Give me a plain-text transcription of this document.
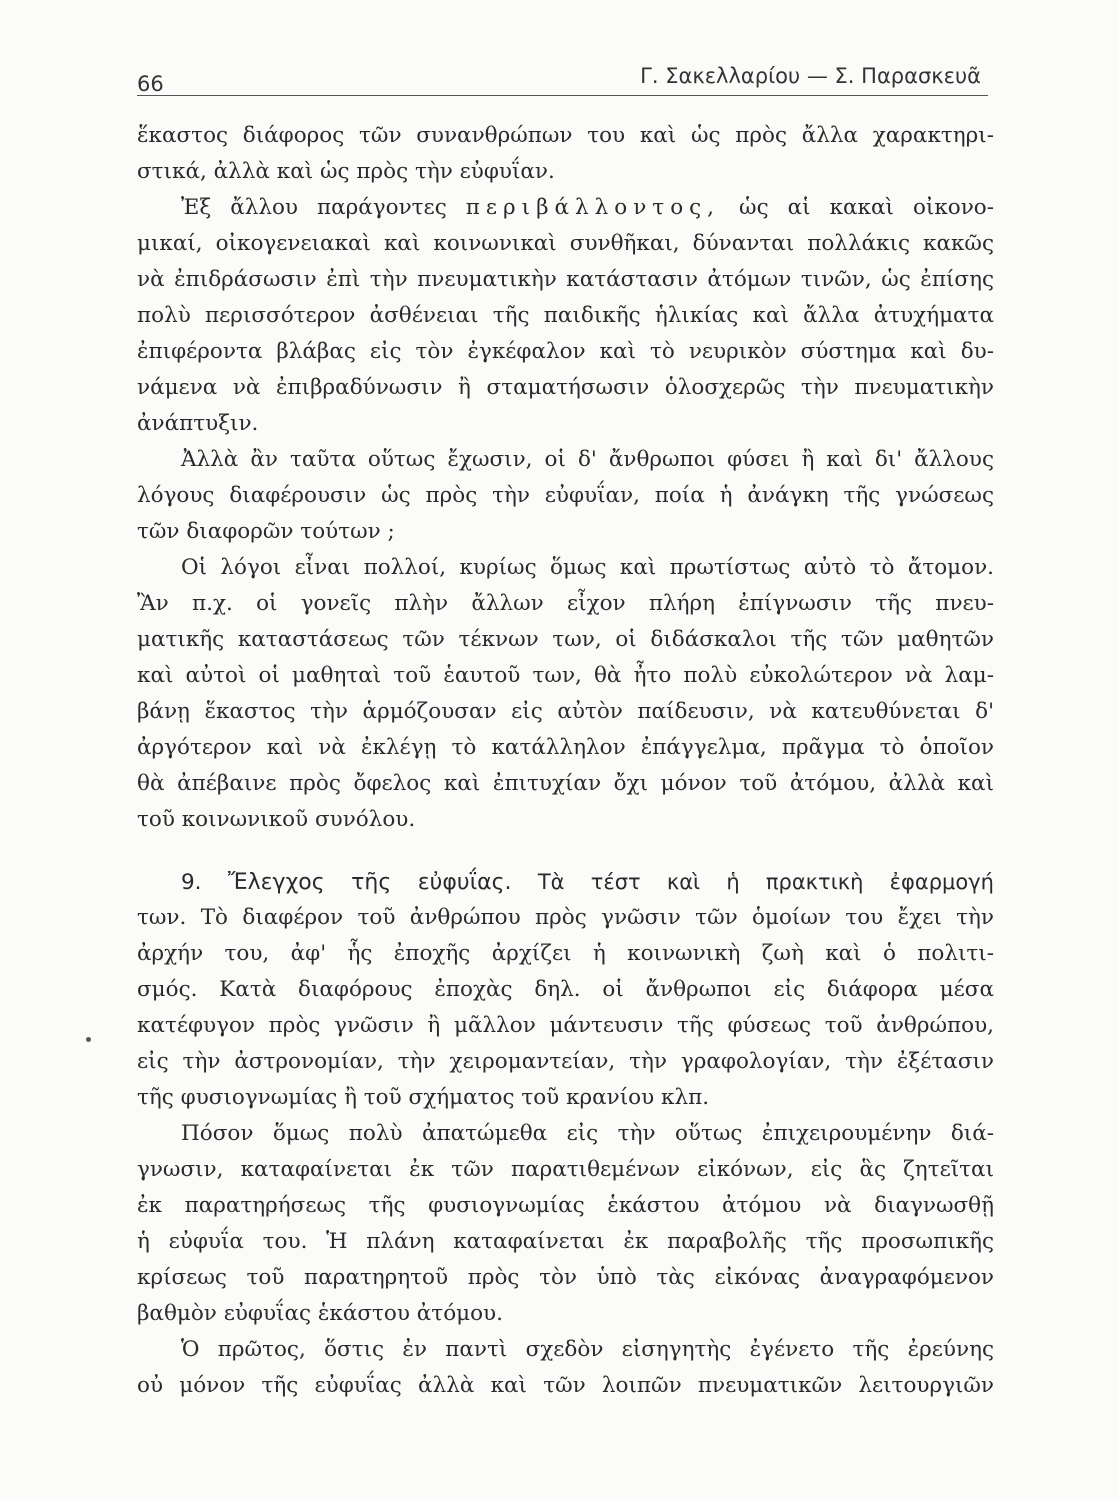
66	Γ. Σακελλαρίου — Σ. Παρασκευᾶ
ἕκαστος διάφορος τῶν συνανθρώπων του καὶ ὡς πρὸς ἄλλα χαρακτηρι-
στικά, ἀλλὰ καὶ ὡς πρὸς τὴν εὐφυΐαν.
Ἐξ ἄλλου παράγοντες περιβάλλοντος, ὡς αἱ κακαὶ οἰκονο-
μικαί, οἰκογενειακαὶ καὶ κοινωνικαὶ συνθῆκαι, δύνανται πολλάκις κακῶς
νὰ ἐπιδράσωσιν ἐπὶ τὴν πνευματικὴν κατάστασιν ἀτόμων τινῶν, ὡς ἐπίσης
πολὺ περισσότερον ἀσθένειαι τῆς παιδικῆς ἡλικίας καὶ ἄλλα ἀτυχήματα
ἐπιφέροντα βλάβας εἰς τὸν ἐγκέφαλον καὶ τὸ νευρικὸν σύστημα καὶ δυ-
νάμενα νὰ ἐπιβραδύνωσιν ἢ σταματήσωσιν ὁλοσχερῶς τὴν πνευματικὴν
ἀνάπτυξιν.
Ἀλλὰ ἂν ταῦτα οὕτως ἔχωσιν, οἱ δ' ἄνθρωποι φύσει ἢ καὶ δι' ἄλλους
λόγους διαφέρουσιν ὡς πρὸς τὴν εὐφυΐαν, ποία ἡ ἀνάγκη τῆς γνώσεως
τῶν διαφορῶν τούτων ;
Οἱ λόγοι εἶναι πολλοί, κυρίως ὅμως καὶ πρωτίστως αὐτὸ τὸ ἄτομον.
Ἂν π.χ. οἱ γονεῖς πλὴν ἄλλων εἶχον πλήρη ἐπίγνωσιν τῆς πνευ-
ματικῆς καταστάσεως τῶν τέκνων των, οἱ διδάσκαλοι τῆς τῶν μαθητῶν
καὶ αὐτοὶ οἱ μαθηταὶ τοῦ ἑαυτοῦ των, θὰ ἦτο πολὺ εὐκολώτερον νὰ λαμ-
βάνῃ ἕκαστος τὴν ἁρμόζουσαν εἰς αὐτὸν παίδευσιν, νὰ κατευθύνεται δ'
ἀργότερον καὶ νὰ ἐκλέγῃ τὸ κατάλληλον ἐπάγγελμα, πρᾶγμα τὸ ὁποῖον
θὰ ἀπέβαινε πρὸς ὄφελος καὶ ἐπιτυχίαν ὄχι μόνον τοῦ ἀτόμου, ἀλλὰ καὶ
τοῦ κοινωνικοῦ συνόλου.
9. Ἔλεγχος τῆς εὐφυΐας. Τὰ τέστ καὶ ἡ πρακτικὴ ἐφαρμογή
των. Τὸ διαφέρον τοῦ ἀνθρώπου πρὸς γνῶσιν τῶν ὁμοίων του ἔχει τὴν
ἀρχήν του, ἀφ' ἧς ἐποχῆς ἀρχίζει ἡ κοινωνικὴ ζωὴ καὶ ὁ πολιτι-
σμός. Κατὰ διαφόρους ἐποχὰς δηλ. οἱ ἄνθρωποι εἰς διάφορα μέσα
κατέφυγον πρὸς γνῶσιν ἢ μᾶλλον μάντευσιν τῆς φύσεως τοῦ ἀνθρώπου,
εἰς τὴν ἀστρονομίαν, τὴν χειρομαντείαν, τὴν γραφολογίαν, τὴν ἐξέτασιν
τῆς φυσιογνωμίας ἢ τοῦ σχήματος τοῦ κρανίου κλπ.
Πόσον ὅμως πολὺ ἀπατώμεθα εἰς τὴν οὕτως ἐπιχειρουμένην διά-
γνωσιν, καταφαίνεται ἐκ τῶν παρατιθεμένων εἰκόνων, εἰς ἃς ζητεῖται
ἐκ παρατηρήσεως τῆς φυσιογνωμίας ἑκάστου ἀτόμου νὰ διαγνωσθῇ
ἡ εὐφυΐα του. Ἡ πλάνη καταφαίνεται ἐκ παραβολῆς τῆς προσωπικῆς
κρίσεως τοῦ παρατηρητοῦ πρὸς τὸν ὑπὸ τὰς εἰκόνας ἀναγραφόμενον
βαθμὸν εὐφυΐας ἑκάστου ἀτόμου.
Ὁ πρῶτος, ὅστις ἐν παντὶ σχεδὸν εἰσηγητὴς ἐγένετο τῆς ἐρεύνης
οὐ μόνον τῆς εὐφυΐας ἀλλὰ καὶ τῶν λοιπῶν πνευματικῶν λειτουργιῶν
